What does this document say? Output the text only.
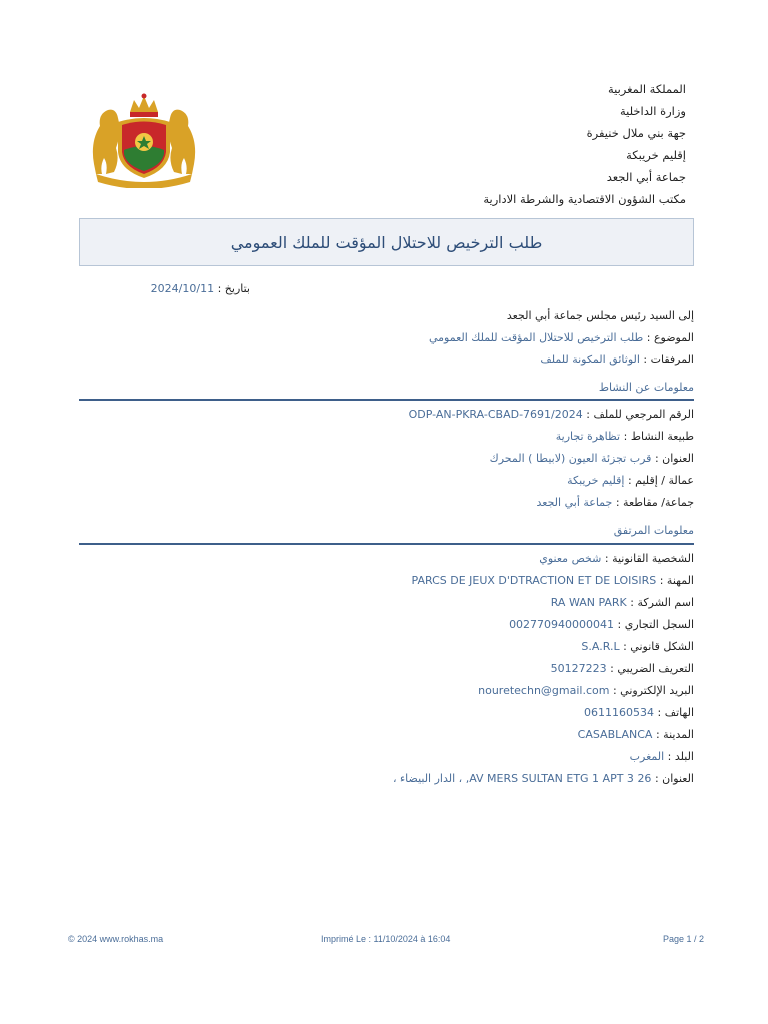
المملكة المغربية
وزارة الداخلية
جهة بني ملال خنيفرة
إقليم خريبكة
جماعة أبي الجعد
مكتب الشؤون الاقتصادية والشرطة الادارية
طلب الترخيص للاحتلال المؤقت للملك العمومي
بتاريخ : 2024/10/11
إلى السيد رئيس مجلس جماعة أبي الجعد
الموضوع : طلب الترخيص للاحتلال المؤقت للملك العمومي
المرفقات : الوثائق المكونة للملف
معلومات عن النشاط
الرقم المرجعي للملف : ODP-AN-PKRA-CBAD-7691/2024
طبيعة النشاط : تظاهرة تجارية
العنوان : قرب تجزئة العيون (لابيطا ) المحرك
عمالة / إقليم : إقليم خريبكة
جماعة/ مقاطعة : جماعة أبي الجعد
معلومات المرتفق
الشخصية القانونية : شخص معنوي
المهنة : PARCS DE JEUX D'DTRACTION ET DE LOISIRS
اسم الشركة : RA WAN PARK
السجل التجاري : 002770940000041
الشكل قانوني : S.A.R.L
التعريف الضريبي : 50127223
البريد الإلكتروني : nouretechn@gmail.com
الهاتف : 0611160534
المدينة : CASABLANCA
البلد : المغرب
العنوان : 26 AV MERS SULTAN ETG 1 APT 3, ، الدار البيضاء ،
© 2024 www.rokhas.ma	Imprimé Le : 11/10/2024 à 16:04	Page 1 / 2
